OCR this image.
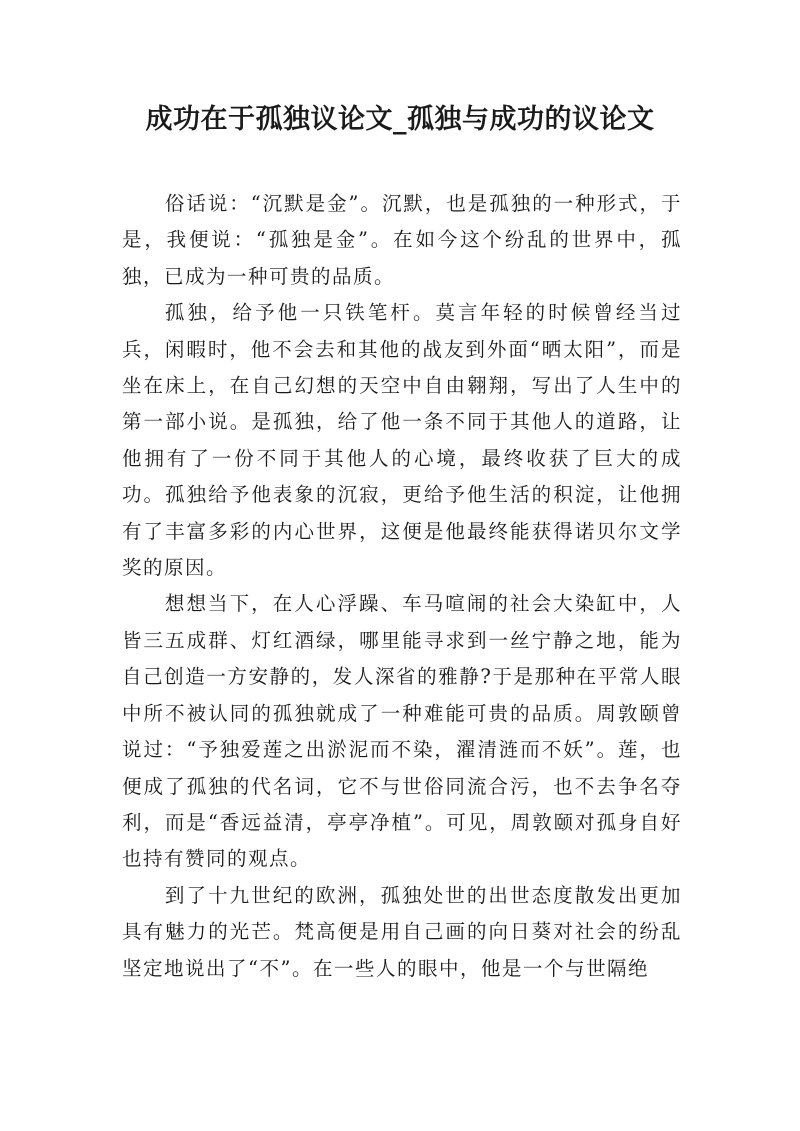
成功在于孤独议论文_孤独与成功的议论文

俗话说：“沉默是金”。沉默，也是孤独的一种形式，于是，我便说：“孤独是金”。在如今这个纷乱的世界中，孤独，已成为一种可贵的品质。

孤独，给予他一只铁笔杆。莫言年轻的时候曾经当过兵，闲暇时，他不会去和其他的战友到外面“晒太阳”，而是坐在床上，在自己幻想的天空中自由翱翔，写出了人生中的第一部小说。是孤独，给了他一条不同于其他人的道路，让他拥有了一份不同于其他人的心境，最终收获了巨大的成功。孤独给予他表象的沉寂，更给予他生活的积淀，让他拥有了丰富多彩的内心世界，这便是他最终能获得诺贝尔文学奖的原因。

想想当下，在人心浮躁、车马喧闹的社会大染缸中，人皆三五成群、灯红酒绿，哪里能寻求到一丝宁静之地，能为自己创造一方安静的，发人深省的雅静?于是那种在平常人眼中所不被认同的孤独就成了一种难能可贵的品质。周敦颐曾说过：“予独爱莲之出淤泥而不染，濯清涟而不妖”。莲，也便成了孤独的代名词，它不与世俗同流合污，也不去争名夺利，而是“香远益清，亭亭净植”。可见，周敦颐对孤身自好也持有赞同的观点。

到了十九世纪的欧洲，孤独处世的出世态度散发出更加具有魅力的光芒。梵高便是用自己画的向日葵对社会的纷乱坚定地说出了“不”。在一些人的眼中，他是一个与世隔绝
